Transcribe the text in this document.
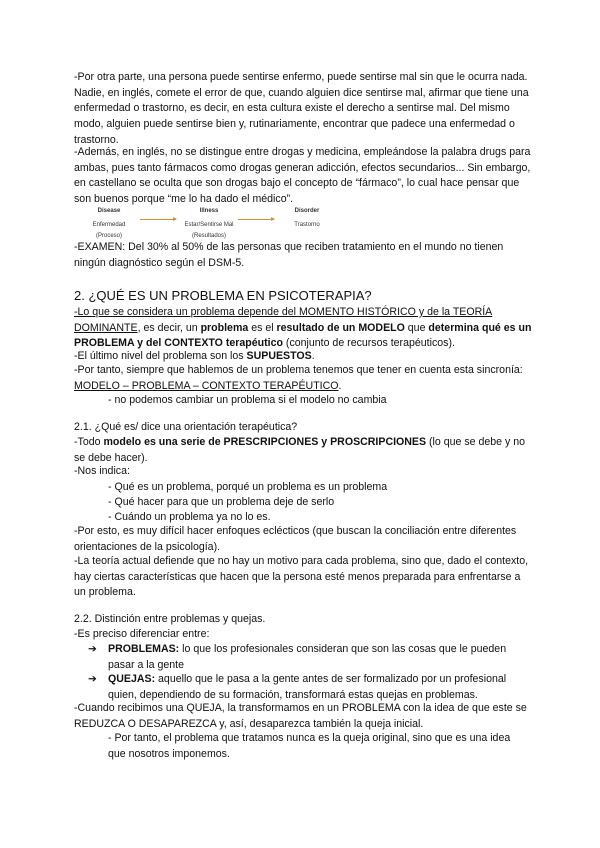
-Por otra parte, una persona puede sentirse enfermo, puede sentirse mal sin que le ocurra nada. Nadie, en inglés, comete el error de que, cuando alguien dice sentirse mal, afirmar que tiene una enfermedad o trastorno, es decir, en esta cultura existe el derecho a sentirse mal. Del mismo modo, alguien puede sentirse bien y, rutinariamente, encontrar que padece una enfermedad o trastorno.

-Además, en inglés, no se distingue entre drogas y medicina, empleándose la palabra drugs para ambas, pues tanto fármacos como drogas generan adicción, efectos secundarios... Sin embargo, en castellano se oculta que son drogas bajo el concepto de “fármaco”, lo cual hace pensar que son buenos porque “me lo ha dado el médico”.

Disease
Enfermedad
(Proceso)
Illness
Estar/Sentirse Mal
(Resultados)
Disorder
Trastorno

-EXAMEN: Del 30% al 50% de las personas que reciben tratamiento en el mundo no tienen ningún diagnóstico según el DSM-5.

2. ¿QUÉ ES UN PROBLEMA EN PSICOTERAPIA?

-Lo que se considera un problema depende del MOMENTO HISTÓRICO y de la TEORÍA DOMINANTE, es decir, un problema es el resultado de un MODELO que determina qué es un PROBLEMA y del CONTEXTO terapéutico (conjunto de recursos terapéuticos).

-El último nivel del problema son los SUPUESTOS.

-Por tanto, siempre que hablemos de un problema tenemos que tener en cuenta esta sincronía: MODELO – PROBLEMA – CONTEXTO TERAPÉUTICO.

- no podemos cambiar un problema si el modelo no cambia

2.1. ¿Qué es/ dice una orientación terapéutica?

-Todo modelo es una serie de PRESCRIPCIONES y PROSCRIPCIONES (lo que se debe y no se debe hacer).

-Nos indica:

- Qué es un problema, porqué un problema es un problema

- Qué hacer para que un problema deje de serlo

- Cuándo un problema ya no lo es.

-Por esto, es muy difícil hacer enfoques eclécticos (que buscan la conciliación entre diferentes orientaciones de la psicología).

-La teoría actual defiende que no hay un motivo para cada problema, sino que, dado el contexto, hay ciertas características que hacen que la persona esté menos preparada para enfrentarse a un problema.

2.2. Distinción entre problemas y quejas.

-Es preciso diferenciar entre:

➔	PROBLEMAS: lo que los profesionales consideran que son las cosas que le pueden pasar a la gente
➔	QUEJAS: aquello que le pasa a la gente antes de ser formalizado por un profesional quien, dependiendo de su formación, transformará estas quejas en problemas.

-Cuando recibimos una QUEJA, la transformamos en un PROBLEMA con la idea de que este se REDUZCA O DESAPAREZCA y, así, desaparezca también la queja inicial.

- Por tanto, el problema que tratamos nunca es la queja original, sino que es una idea que nosotros imponemos.
